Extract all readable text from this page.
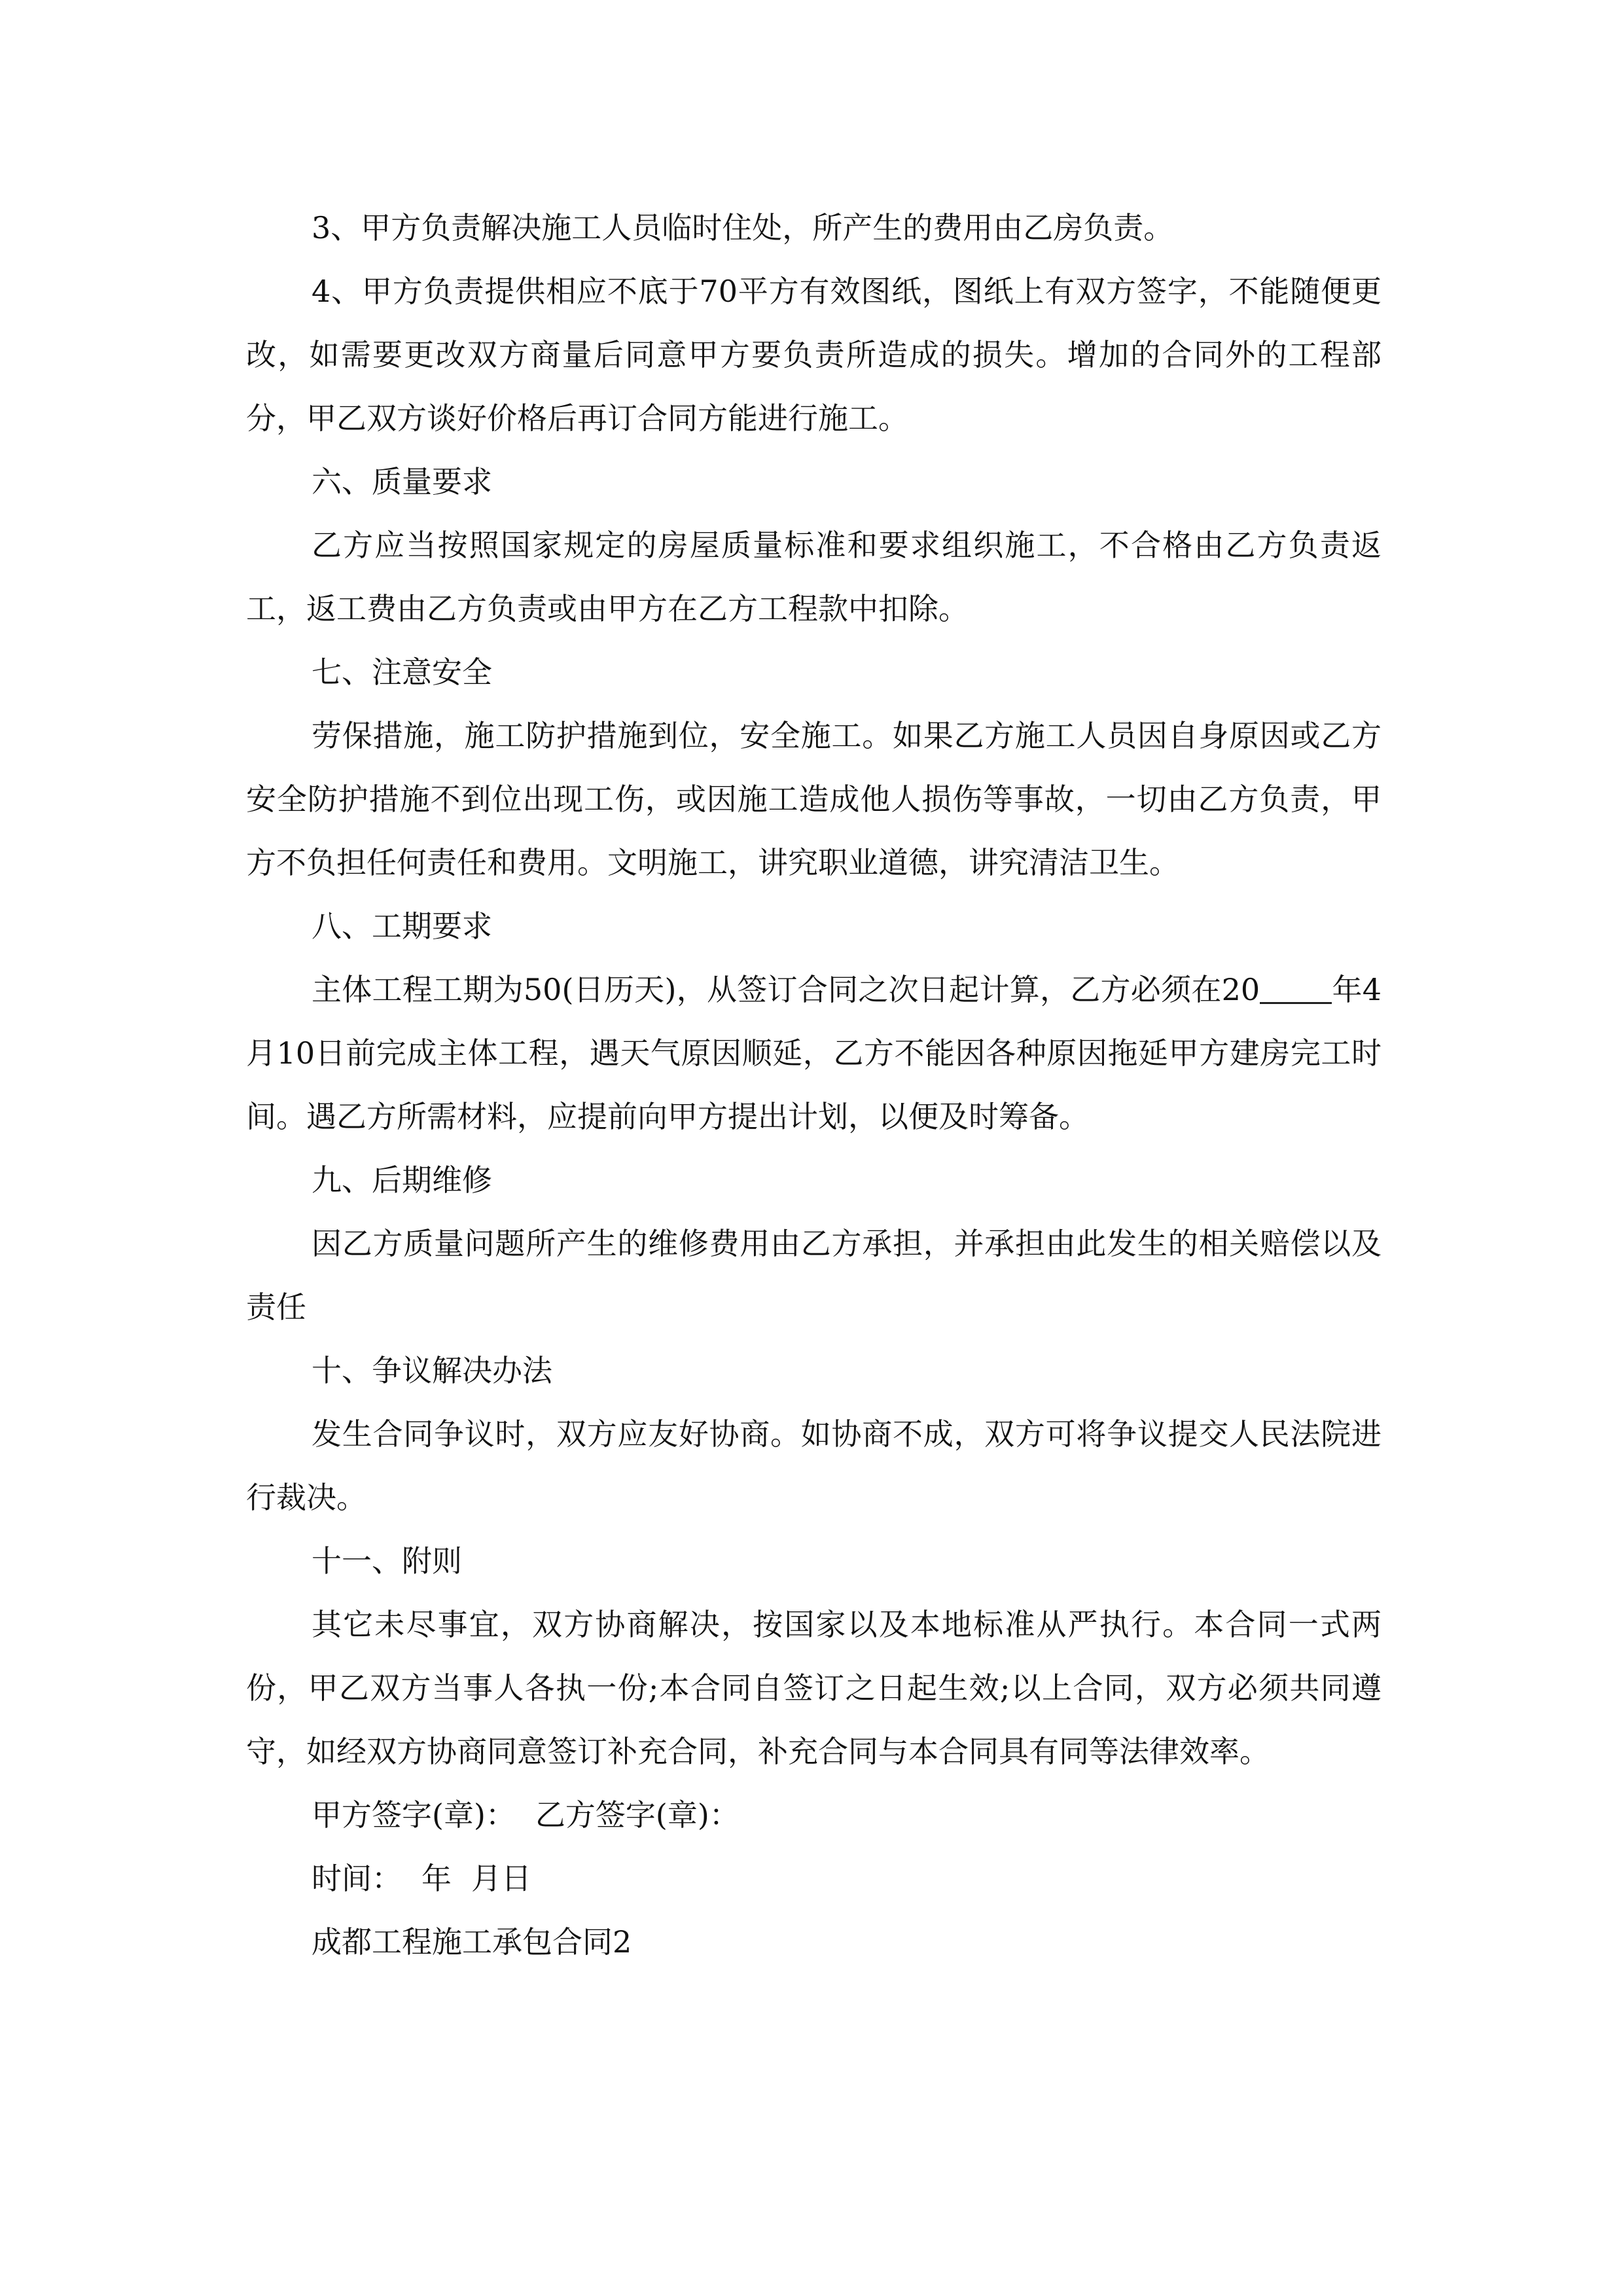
3、甲方负责解决施工人员临时住处，所产生的费用由乙房负责。

4、甲方负责提供相应不底于70平方有效图纸，图纸上有双方签字，不能随便更改，如需要更改双方商量后同意甲方要负责所造成的损失。增加的合同外的工程部分，甲乙双方谈好价格后再订合同方能进行施工。

六、质量要求

乙方应当按照国家规定的房屋质量标准和要求组织施工，不合格由乙方负责返工，返工费由乙方负责或由甲方在乙方工程款中扣除。

七、注意安全

劳保措施，施工防护措施到位，安全施工。如果乙方施工人员因自身原因或乙方安全防护措施不到位出现工伤，或因施工造成他人损伤等事故，一切由乙方负责，甲方不负担任何责任和费用。文明施工，讲究职业道德，讲究清洁卫生。

八、工期要求

主体工程工期为50(日历天)，从签订合同之次日起计算，乙方必须在20 年4月10日前完成主体工程，遇天气原因顺延，乙方不能因各种原因拖延甲方建房完工时间。遇乙方所需材料，应提前向甲方提出计划，以便及时筹备。

九、后期维修

因乙方质量问题所产生的维修费用由乙方承担，并承担由此发生的相关赔偿以及责任

十、争议解决办法

发生合同争议时，双方应友好协商。如协商不成，双方可将争议提交人民法院进行裁决。

十一、附则

其它未尽事宜，双方协商解决，按国家以及本地标准从严执行。本合同一式两份，甲乙双方当事人各执一份;本合同自签订之日起生效;以上合同，双方必须共同遵守，如经双方协商同意签订补充合同，补充合同与本合同具有同等法律效率。

甲方签字(章)： 乙方签字(章)：

时间： 年 月日

成都工程施工承包合同2
